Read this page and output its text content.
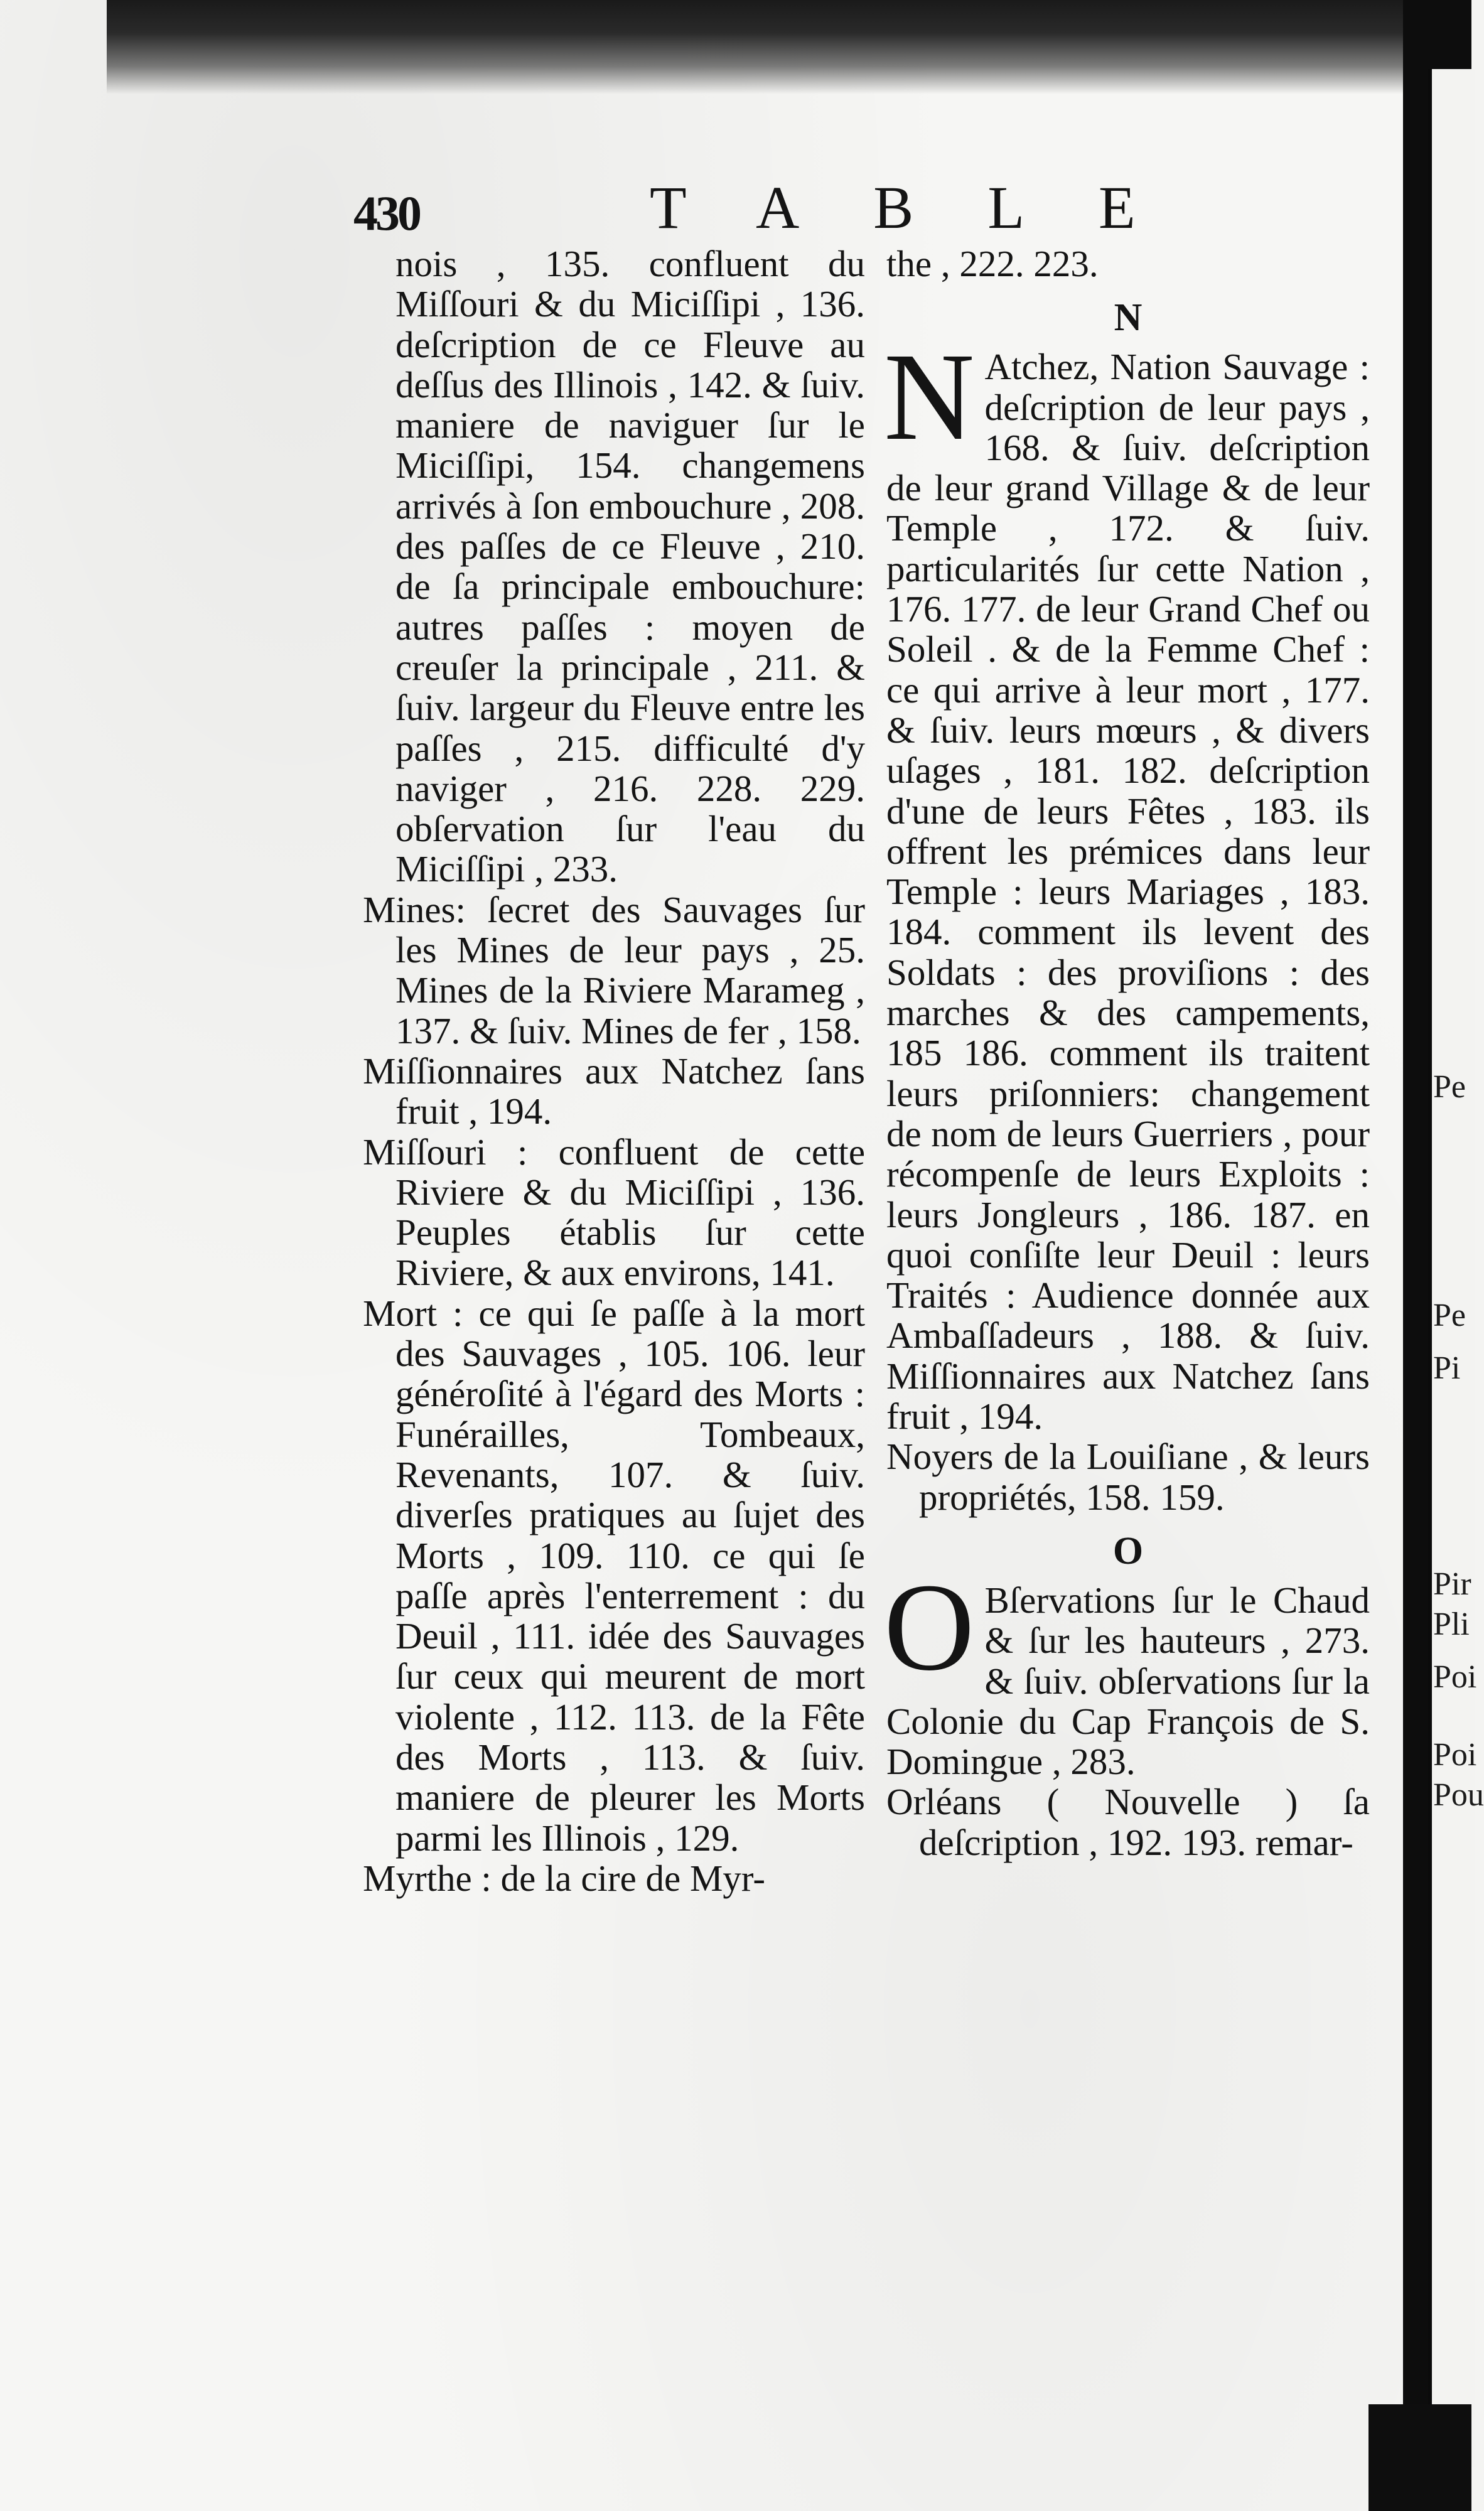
Pe
Pe
Pi
Pir
Pli
Poi
Poi
Pou
430	TABLE
nois , 135. confluent du Miſſouri & du Miciſſipi , 136. deſcription de ce Fleuve au deſſus des Illinois , 142. & ſuiv. maniere de naviguer ſur le Miciſſipi, 154. changemens arrivés à ſon embouchure , 208. des paſſes de ce Fleuve , 210. de ſa principale embouchure: autres paſſes : moyen de creuſer la principale , 211. & ſuiv. largeur du Fleuve entre les paſſes , 215. difficulté d'y naviger , 216. 228. 229. obſervation ſur l'eau du Miciſſipi , 233.
Mines: ſecret des Sauvages ſur les Mines de leur pays , 25. Mines de la Riviere Marameg , 137. & ſuiv. Mines de fer , 158.
Miſſionnaires aux Natchez ſans fruit , 194.
Miſſouri : confluent de cette Riviere & du Miciſſipi , 136. Peuples établis ſur cette Riviere, & aux environs, 141.
Mort : ce qui ſe paſſe à la mort des Sauvages , 105. 106. leur généroſité à l'égard des Morts : Funérailles, Tombeaux, Revenants, 107. & ſuiv. diverſes pratiques au ſujet des Morts , 109. 110. ce qui ſe paſſe après l'enterrement : du Deuil , 111. idée des Sauvages ſur ceux qui meurent de mort violente , 112. 113. de la Fête des Morts , 113. & ſuiv. maniere de pleurer les Morts parmi les Illinois , 129.
Myrthe : de la cire de Myr-
the , 222. 223.
N
N Atchez, Nation Sauvage : deſcription de leur pays , 168. & ſuiv. deſcription de leur grand Village & de leur Temple , 172. & ſuiv. particularités ſur cette Nation , 176. 177. de leur Grand Chef ou Soleil . & de la Femme Chef : ce qui arrive à leur mort , 177. & ſuiv. leurs mœurs , & divers uſages , 181. 182. deſcription d'une de leurs Fêtes , 183. ils offrent les prémices dans leur Temple : leurs Mariages , 183. 184. comment ils levent des Soldats : des proviſions : des marches & des campements, 185 186. comment ils traitent leurs priſonniers: changement de nom de leurs Guerriers , pour récompenſe de leurs Exploits : leurs Jongleurs , 186. 187. en quoi conſiſte leur Deuil : leurs Traités : Audience donnée aux Ambaſſadeurs , 188. & ſuiv. Miſſionnaires aux Natchez ſans fruit , 194.
Noyers de la Louiſiane , & leurs propriétés, 158. 159.
O
O Bſervations ſur le Chaud & ſur les hauteurs , 273. & ſuiv. obſervations ſur la Colonie du Cap François de S. Domingue , 283.
Orléans ( Nouvelle ) ſa deſcription , 192. 193. remar-
